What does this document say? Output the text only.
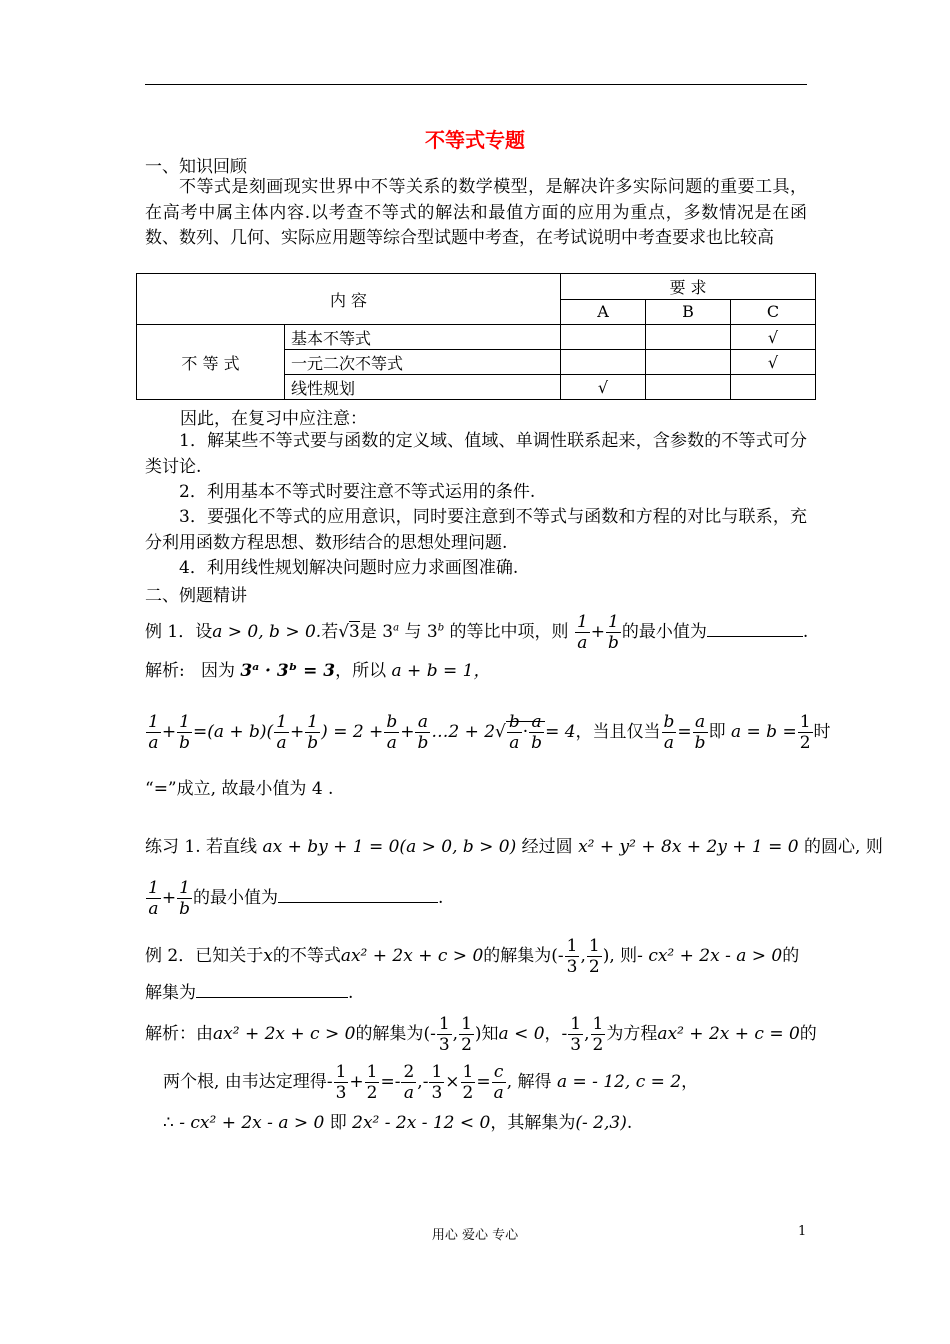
不等式专题
一、知识回顾
不等式是刻画现实世界中不等关系的数学模型，是解决许多实际问题的重要工具，在高考中属主体内容.以考查不等式的解法和最值方面的应用为重点，多数情况是在函数、数列、几何、实际应用题等综合型试题中考查，在考试说明中考查要求也比较高
内 容		要 求		
		A	B	C
不 等 式	基本不等式			√
	一元二次不等式			√
	线性规划	√		
因此，在复习中应注意：
1．解某些不等式要与函数的定义域、值域、单调性联系起来，含参数的不等式可分类讨论.
2．利用基本不等式时要注意不等式运用的条件.
3．要强化不等式的应用意识，同时要注意到不等式与函数和方程的对比与联系，充分利用函数方程思想、数形结合的思想处理问题.
4．利用线性规划解决问题时应力求画图准确.
二、例题精讲
例 1．设a > 0, b > 0.若√3是 3$^a$ 与 3$^b$ 的等比中项，则 $\frac{1}{a} + \frac{1}{b}$ 的最小值为	.
解析: 因为 3ᵃ · 3ᵇ = 3，所以 a + b = 1，
$\frac{1}{a} + \frac{1}{b} =(a + b)( \frac{1}{a} + \frac{1}{b}$ ) = $2 + \frac{b}{a} + \frac{a}{b}$ …2 + $2√ \frac{b}{a} \cdot \frac{a}{b} = 4$，当且仅当 $\frac{b}{a} = \frac{a}{b}$ 即 $a = b = \frac{1}{2}$ 时
“=”成立, 故最小值为 4 .
练习 1. 若直线 ax + by + 1 = 0(a > 0, b > 0) 经过圆 x² + y² + 8x + 2y + 1 = 0 的圆心, 则
$\frac{1}{a} + \frac{1}{b}$ 的最小值为	.
例 2．已知关于x的不等式ax² + 2x + c > 0的解集为(- $\frac{1}{3}$ , $\frac{1}{2}$ ), 则- cx² + 2x - a > 0的
解集为	.
解析：由ax² + 2x + c > 0的解集为(- $\frac{1}{3}$ , $\frac{1}{2}$ )知a < 0，- $\frac{1}{3}$ , $\frac{1}{2}$ 为方程ax² + 2x + c = 0的
两个根, 由韦达定理得- $\frac{1}{3} + \frac{1}{2} =- \frac{2}{a}$ ,- $\frac{1}{3} \times \frac{1}{2} = \frac{c}{a}$ , 解得 a = - 12, c = 2，
∴ - cx² + 2x - a > 0 即 2x² - 2x - 12 < 0，其解集为(- 2,3).
用心 爱心 专心	1
